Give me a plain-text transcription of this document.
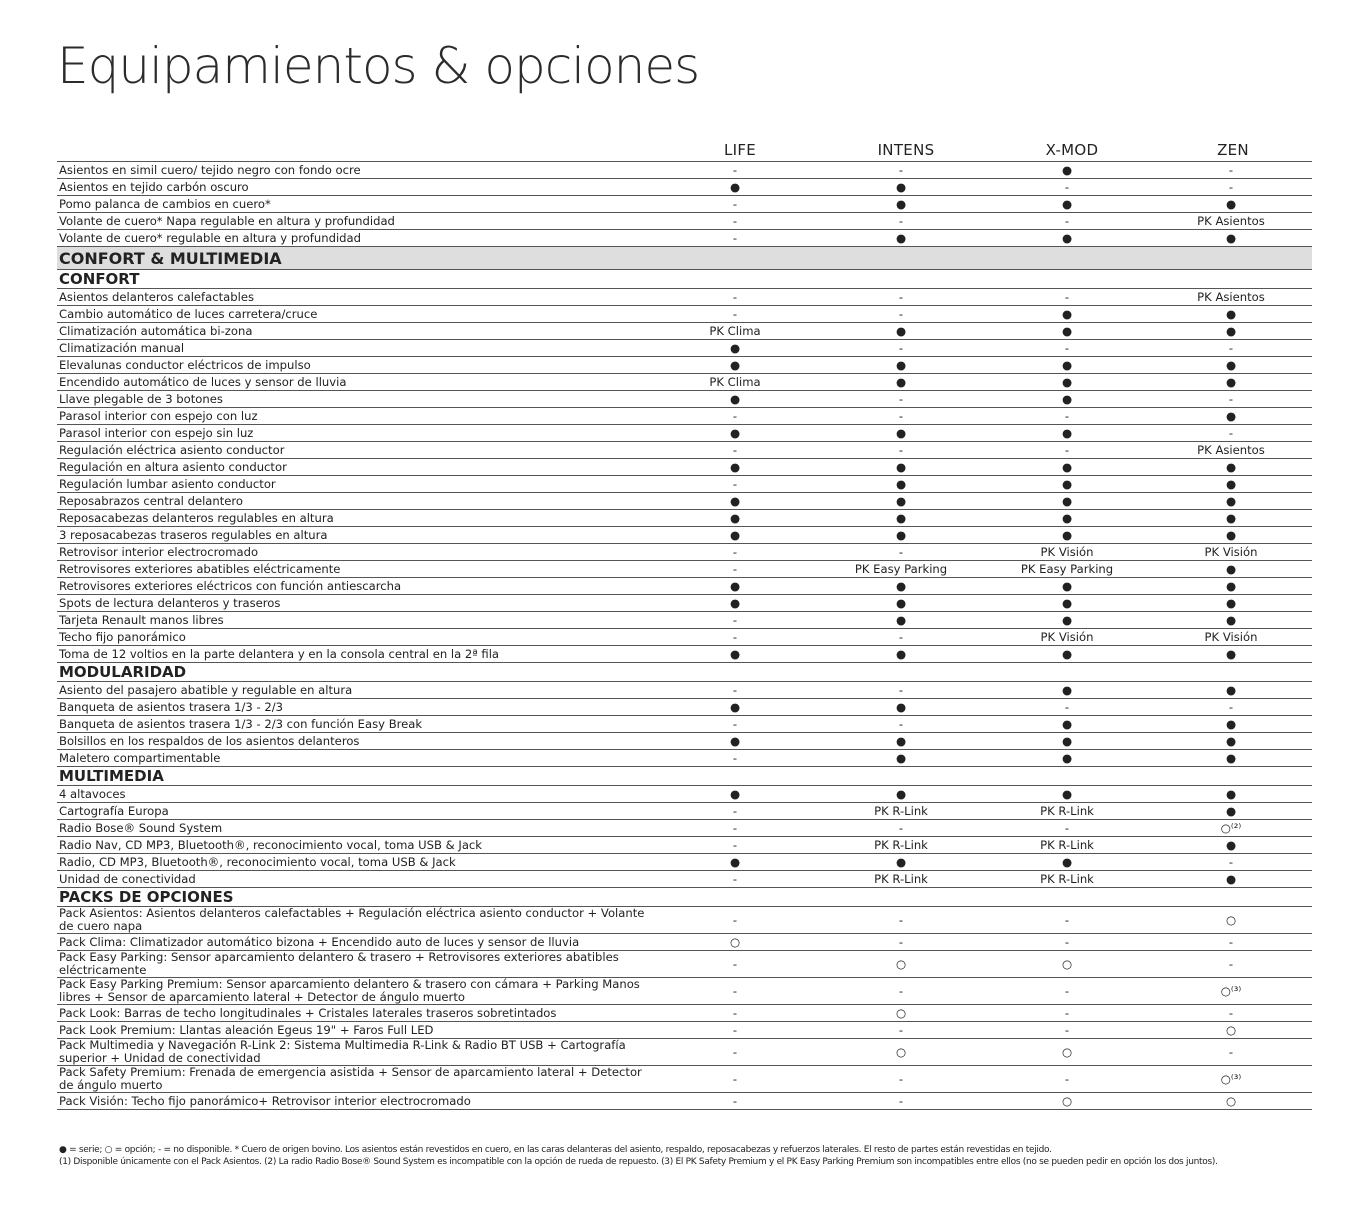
Equipamientos & opciones
LIFE	INTENS	X-MOD	ZEN
Asientos en simil cuero/ tejido negro con fondo ocre	-	-	●	-
Asientos en tejido carbón oscuro	●	●	-	-
Pomo palanca de cambios en cuero*	-	●	●	●
Volante de cuero* Napa regulable en altura y profundidad	-	-	-	PK Asientos
Volante de cuero* regulable en altura y profundidad	-	●	●	●
CONFORT & MULTIMEDIA				
CONFORT				
Asientos delanteros calefactables	-	-	-	PK Asientos
Cambio automático de luces carretera/cruce	-	-	●	●
Climatización automática bi-zona	PK Clima	●	●	●
Climatización manual	●	-	-	-
Elevalunas conductor eléctricos de impulso	●	●	●	●
Encendido automático de luces y sensor de lluvia	PK Clima	●	●	●
Llave plegable de 3 botones	●	-	●	-
Parasol interior con espejo con luz	-	-	-	●
Parasol interior con espejo sin luz	●	●	●	-
Regulación eléctrica asiento conductor	-	-	-	PK Asientos
Regulación en altura asiento conductor	●	●	●	●
Regulación lumbar asiento conductor	-	●	●	●
Reposabrazos central delantero	●	●	●	●
Reposacabezas delanteros regulables en altura	●	●	●	●
3 reposacabezas traseros regulables en altura	●	●	●	●
Retrovisor interior electrocromado	-	-	PK Visión	PK Visión
Retrovisores exteriores abatibles eléctricamente	-	PK Easy Parking	PK Easy Parking	●
Retrovisores exteriores eléctricos con función antiescarcha	●	●	●	●
Spots de lectura delanteros y traseros	●	●	●	●
Tarjeta Renault manos libres	-	●	●	●
Techo fijo panorámico	-	-	PK Visión	PK Visión
Toma de 12 voltios en la parte delantera y en la consola central en la 2ª fila	●	●	●	●
MODULARIDAD				
Asiento del pasajero abatible y regulable en altura	-	-	●	●
Banqueta de asientos trasera 1/3 - 2/3	●	●	-	-
Banqueta de asientos trasera 1/3 - 2/3 con función Easy Break	-	-	●	●
Bolsillos en los respaldos de los asientos delanteros	●	●	●	●
Maletero compartimentable	-	●	●	●
MULTIMEDIA				
4 altavoces	●	●	●	●
Cartografía Europa	-	PK R-Link	PK R-Link	●
Radio Bose® Sound System	-	-	-	○⁽²⁾
Radio Nav, CD MP3, Bluetooth®, reconocimiento vocal, toma USB & Jack	-	PK R-Link	PK R-Link	●
Radio, CD MP3, Bluetooth®, reconocimiento vocal, toma USB & Jack	●	●	●	-
Unidad de conectividad	-	PK R-Link	PK R-Link	●
PACKS DE OPCIONES				
Pack Asientos: Asientos delanteros calefactables + Regulación eléctrica asiento conductor + Volante de cuero napa	-	-	-	○
Pack Clima: Climatizador automático bizona + Encendido auto de luces y sensor de lluvia	○	-	-	-
Pack Easy Parking: Sensor aparcamiento delantero & trasero + Retrovisores exteriores abatibles eléctricamente	-	○	○	-
Pack Easy Parking Premium: Sensor aparcamiento delantero & trasero con cámara + Parking Manos libres + Sensor de aparcamiento lateral + Detector de ángulo muerto	-	-	-	○⁽³⁾
Pack Look: Barras de techo longitudinales + Cristales laterales traseros sobretintados	-	○	-	-
Pack Look Premium: Llantas aleación Egeus 19" + Faros Full LED	-	-	-	○
Pack Multimedia y Navegación R-Link 2: Sistema Multimedia R-Link & Radio BT USB + Cartografía superior + Unidad de conectividad	-	○	○	-
Pack Safety Premium: Frenada de emergencia asistida + Sensor de aparcamiento lateral + Detector de ángulo muerto	-	-	-	○⁽³⁾
Pack Visión: Techo fijo panorámico+ Retrovisor interior electrocromado	-	-	○	○
● = serie; ○ = opción; - = no disponible. * Cuero de origen bovino. Los asientos están revestidos en cuero, en las caras delanteras del asiento, respaldo, reposacabezas y refuerzos laterales. El resto de partes están revestidas en tejido.
(1) Disponible únicamente con el Pack Asientos. (2) La radio Radio Bose® Sound System es incompatible con la opción de rueda de repuesto. (3) El PK Safety Premium y el PK Easy Parking Premium son incompatibles entre ellos (no se pueden pedir en opción los dos juntos).
